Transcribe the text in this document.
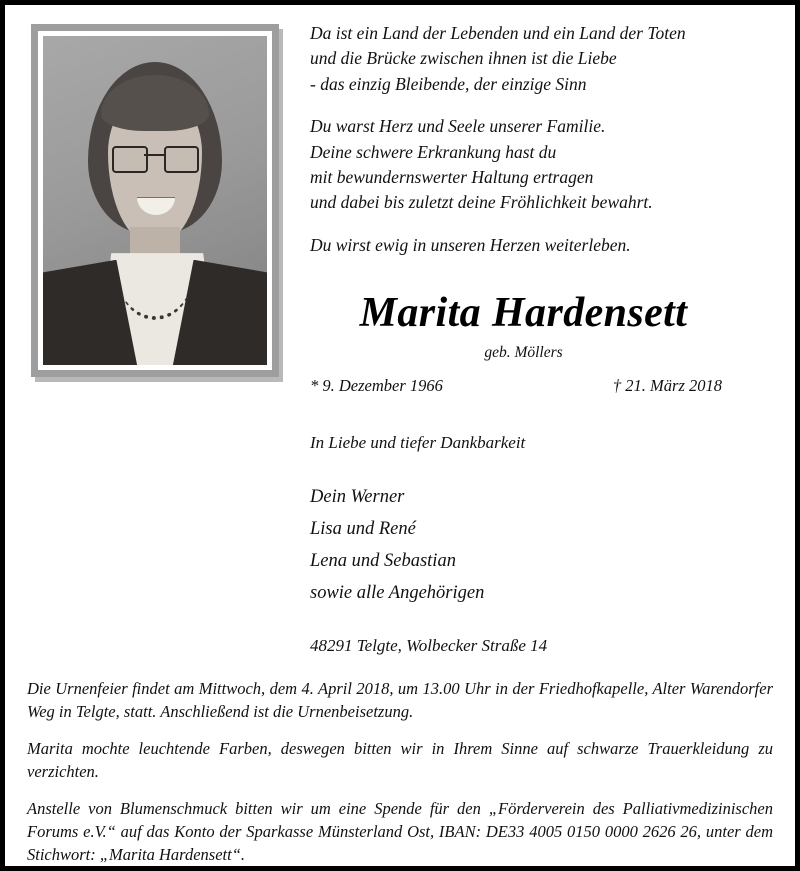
Da ist ein Land der Lebenden und ein Land der Toten
und die Brücke zwischen ihnen ist die Liebe
- das einzig Bleibende, der einzige Sinn

Du warst Herz und Seele unserer Familie.
Deine schwere Erkrankung hast du
mit bewundernswerter Haltung ertragen
und dabei bis zuletzt deine Fröhlichkeit bewahrt.

Du wirst ewig in unseren Herzen weiterleben.

Marita Hardensett
geb. Möllers
* 9. Dezember 1966	† 21. März 2018
In Liebe und tiefer Dankbarkeit
Dein Werner
Lisa und René
Lena und Sebastian
sowie alle Angehörigen
48291 Telgte, Wolbecker Straße 14

Die Urnenfeier findet am Mittwoch, dem 4. April 2018, um 13.00 Uhr in der Friedhofkapelle, Alter Warendorfer Weg in Telgte, statt. Anschließend ist die Urnenbeisetzung.

Marita mochte leuchtende Farben, deswegen bitten wir in Ihrem Sinne auf schwarze Trauerkleidung zu verzichten.

Anstelle von Blumenschmuck bitten wir um eine Spende für den „Förderverein des Palliativmedizinischen Forums e.V.“ auf das Konto der Sparkasse Münsterland Ost, IBAN: DE33 4005 0150 0000 2626 26, unter dem Stichwort: „Marita Hardensett“.
